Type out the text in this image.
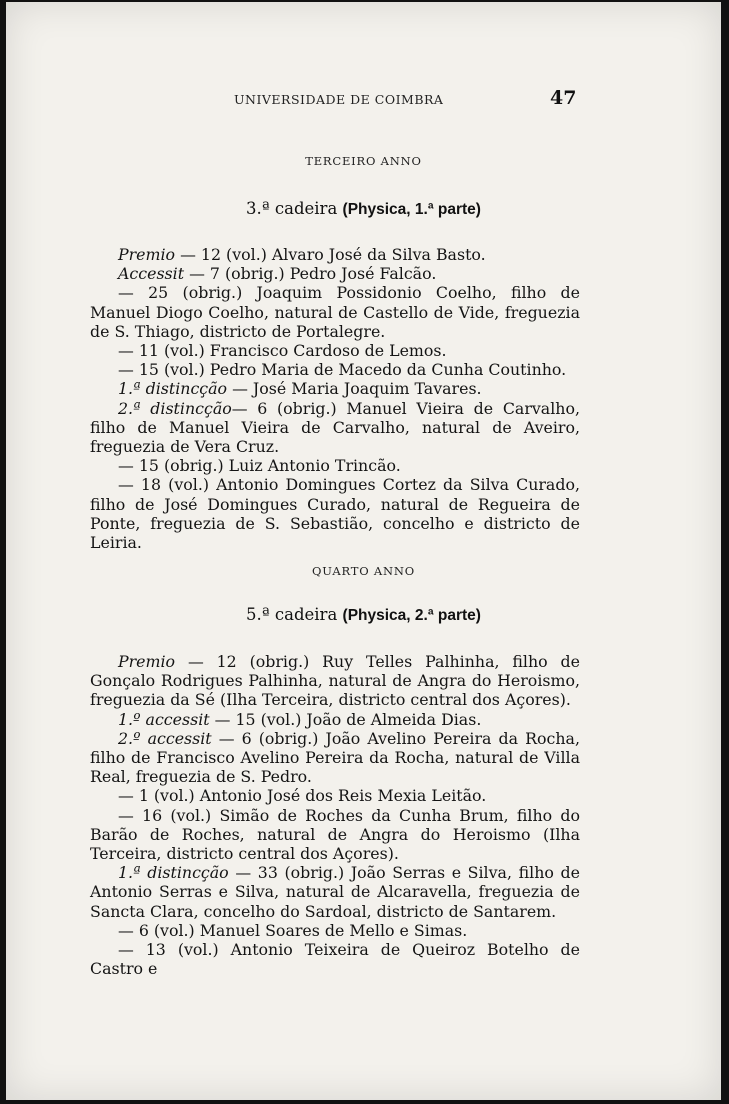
UNIVERSIDADE DE COIMBRA	47
TERCEIRO ANNO
3.ª cadeira (Physica, 1.ª parte)

Premio — 12 (vol.) Alvaro José da Silva Basto.

Accessit — 7 (obrig.) Pedro José Falcão.

— 25 (obrig.) Joaquim Possidonio Coelho, filho de Manuel Diogo Coelho, natural de Castello de Vide, freguezia de S. Thiago, districto de Portalegre.

— 11 (vol.) Francisco Cardoso de Lemos.

— 15 (vol.) Pedro Maria de Macedo da Cunha Coutinho.

1.ª distincção — José Maria Joaquim Tavares.

2.ª distincção— 6 (obrig.) Manuel Vieira de Carvalho, filho de Manuel Vieira de Carvalho, natural de Aveiro, freguezia de Vera Cruz.

— 15 (obrig.) Luiz Antonio Trincão.

— 18 (vol.) Antonio Domingues Cortez da Silva Curado, filho de José Domingues Curado, natural de Regueira de Ponte, freguezia de S. Sebastião, concelho e districto de Leiria.

QUARTO ANNO
5.ª cadeira (Physica, 2.ª parte)

Premio — 12 (obrig.) Ruy Telles Palhinha, filho de Gonçalo Rodrigues Palhinha, natural de Angra do Heroismo, freguezia da Sé (Ilha Terceira, districto central dos Açores).

1.º accessit — 15 (vol.) João de Almeida Dias.

2.º accessit — 6 (obrig.) João Avelino Pereira da Rocha, filho de Francisco Avelino Pereira da Rocha, natural de Villa Real, freguezia de S. Pedro.

— 1 (vol.) Antonio José dos Reis Mexia Leitão.

— 16 (vol.) Simão de Roches da Cunha Brum, filho do Barão de Roches, natural de Angra do Heroismo (Ilha Terceira, districto central dos Açores).

1.ª distincção — 33 (obrig.) João Serras e Silva, filho de Antonio Serras e Silva, natural de Alcaravella, freguezia de Sancta Clara, concelho do Sardoal, districto de Santarem.

— 6 (vol.) Manuel Soares de Mello e Simas.

— 13 (vol.) Antonio Teixeira de Queiroz Botelho de Castro e
